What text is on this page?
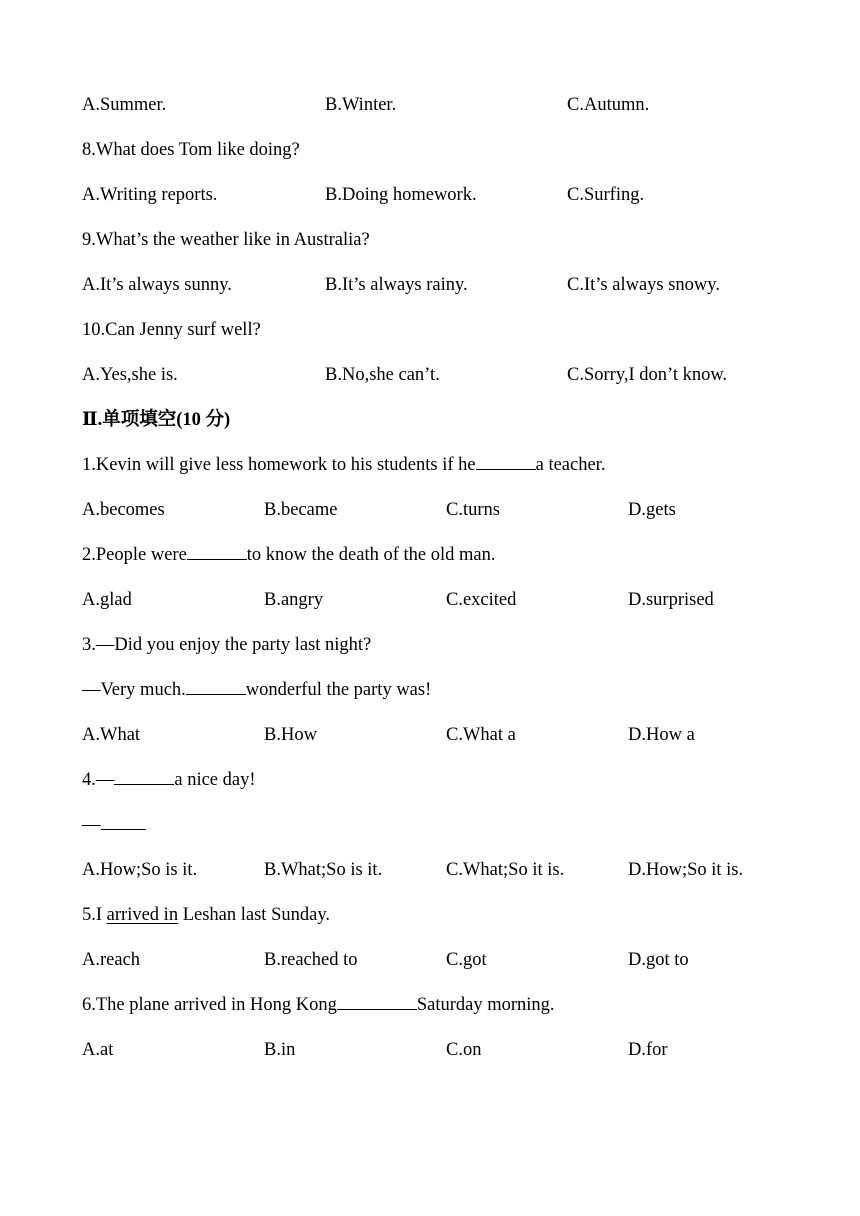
A.Summer.	B.Winter.	C.Autumn.
8.What does Tom like doing?
A.Writing reports.	B.Doing homework.	C.Surfing.
9.What’s the weather like in Australia?
A.It’s always sunny.	B.It’s always rainy.	C.It’s always snowy.
10.Can Jenny surf well?
A.Yes,she is.	B.No,she can’t.	C.Sorry,I don’t know.
Ⅱ.单项填空(10 分)
1.Kevin will give less homework to his students if he	a teacher.
A.becomes	B.became	C.turns	D.gets
2.People were	to know the death of the old man.
A.glad	B.angry	C.excited	D.surprised
3.—Did you enjoy the party last night?
—Very much.	wonderful the party was!
A.What	B.How	C.What a	D.How a
4.—	a nice day!
—
A.How;So is it.	B.What;So is it.	C.What;So it is.	D.How;So it is.
5.I arrived in Leshan last Sunday.
A.reach	B.reached to	C.got	D.got to
6.The plane arrived in Hong Kong	Saturday morning.
A.at	B.in	C.on	D.for
